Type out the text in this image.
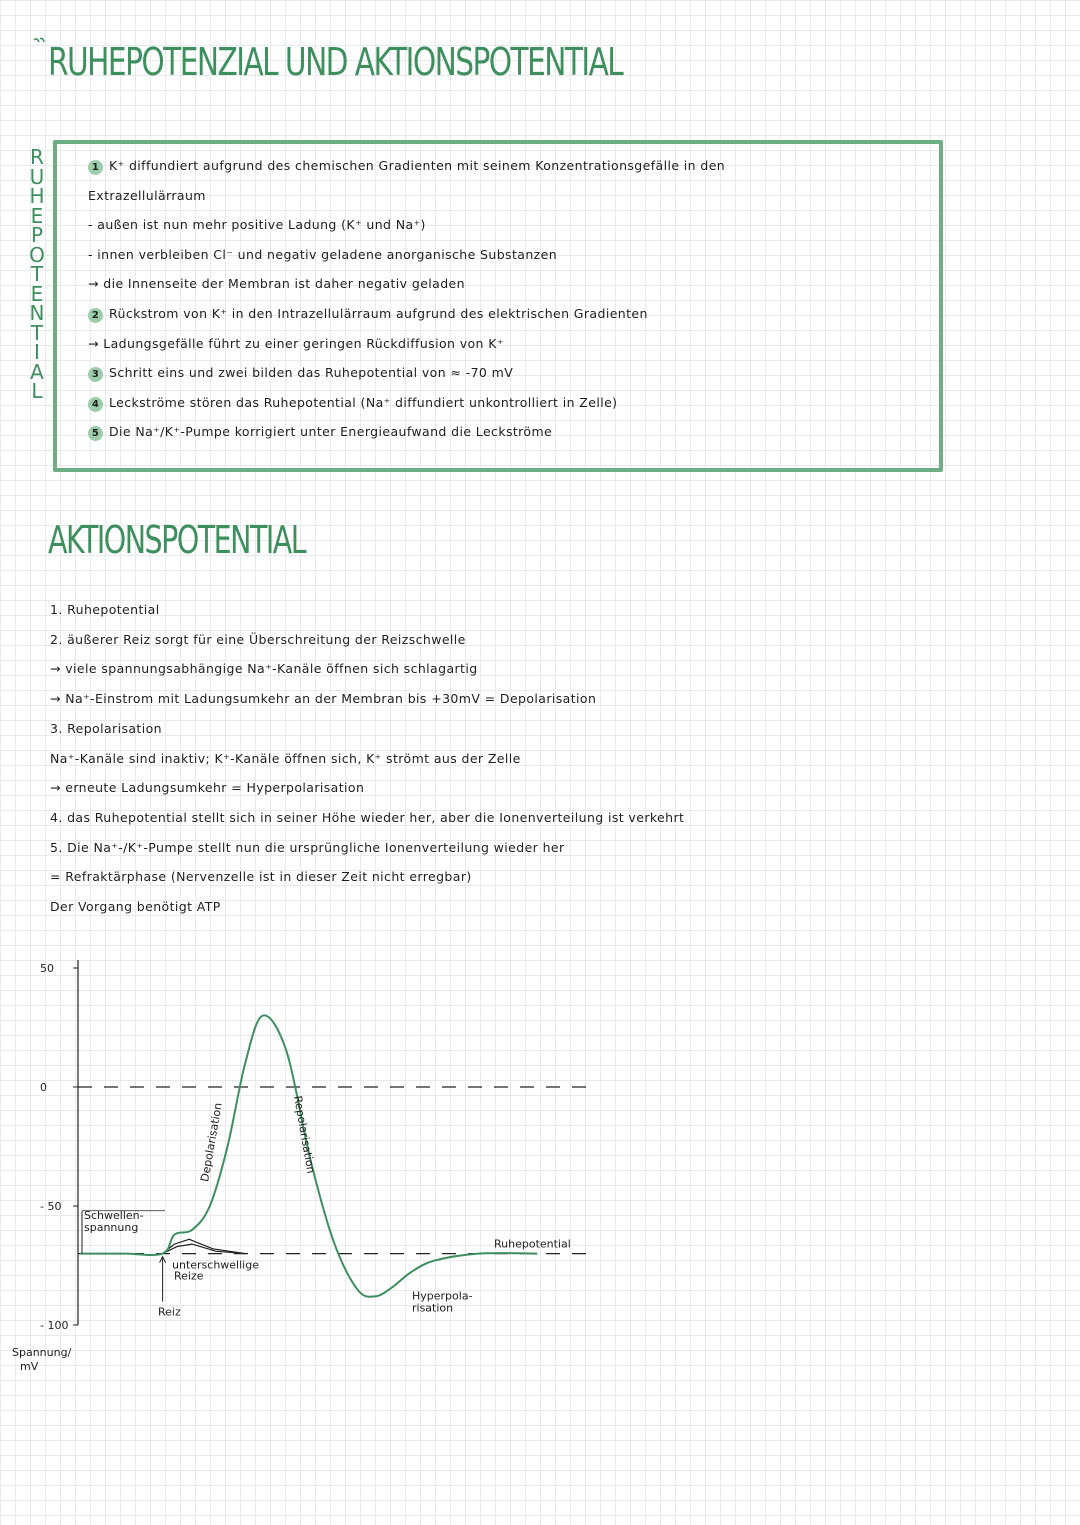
RUHEPOTENZIAL UND AKTIONSPOTENTIAL
R
U
H
E
P
O
T
E
N
T
I
A
L
1 K⁺ diffundiert aufgrund des chemischen Gradienten mit seinem Konzentrationsgefälle in den
Extrazellulärraum
- außen ist nun mehr positive Ladung (K⁺ und Na⁺)
- innen verbleiben Cl⁻ und negativ geladene anorganische Substanzen
→ die Innenseite der Membran ist daher negativ geladen
2 Rückstrom von K⁺ in den Intrazellulärraum aufgrund des elektrischen Gradienten
→ Ladungsgefälle führt zu einer geringen Rückdiffusion von K⁺
3 Schritt eins und zwei bilden das Ruhepotential von ≈ -70 mV
4 Leckströme stören das Ruhepotential (Na⁺ diffundiert unkontrolliert in Zelle)
5 Die Na⁺/K⁺-Pumpe korrigiert unter Energieaufwand die Leckströme
AKTIONSPOTENTIAL
1. Ruhepotential
2. äußerer Reiz sorgt für eine Überschreitung der Reizschwelle
→ viele spannungsabhängige Na⁺-Kanäle öffnen sich schlagartig
→ Na⁺-Einstrom mit Ladungsumkehr an der Membran bis +30mV = Depolarisation
3. Repolarisation
Na⁺-Kanäle sind inaktiv; K⁺-Kanäle öffnen sich, K⁺ strömt aus der Zelle
→ erneute Ladungsumkehr = Hyperpolarisation
4. das Ruhepotential stellt sich in seiner Höhe wieder her, aber die Ionenverteilung ist verkehrt
5. Die Na⁺-/K⁺-Pumpe stellt nun die ursprüngliche Ionenverteilung wieder her
= Refraktärphase (Nervenzelle ist in dieser Zeit nicht erregbar)
Der Vorgang benötigt ATP
50
0
- 50
- 100
Schwellen-
spannung
Depolarisation	Repolarisation
unterschwellige
Reize
Reiz
Hyperpola-
risation
Ruhepotential
Spannung/
mV
